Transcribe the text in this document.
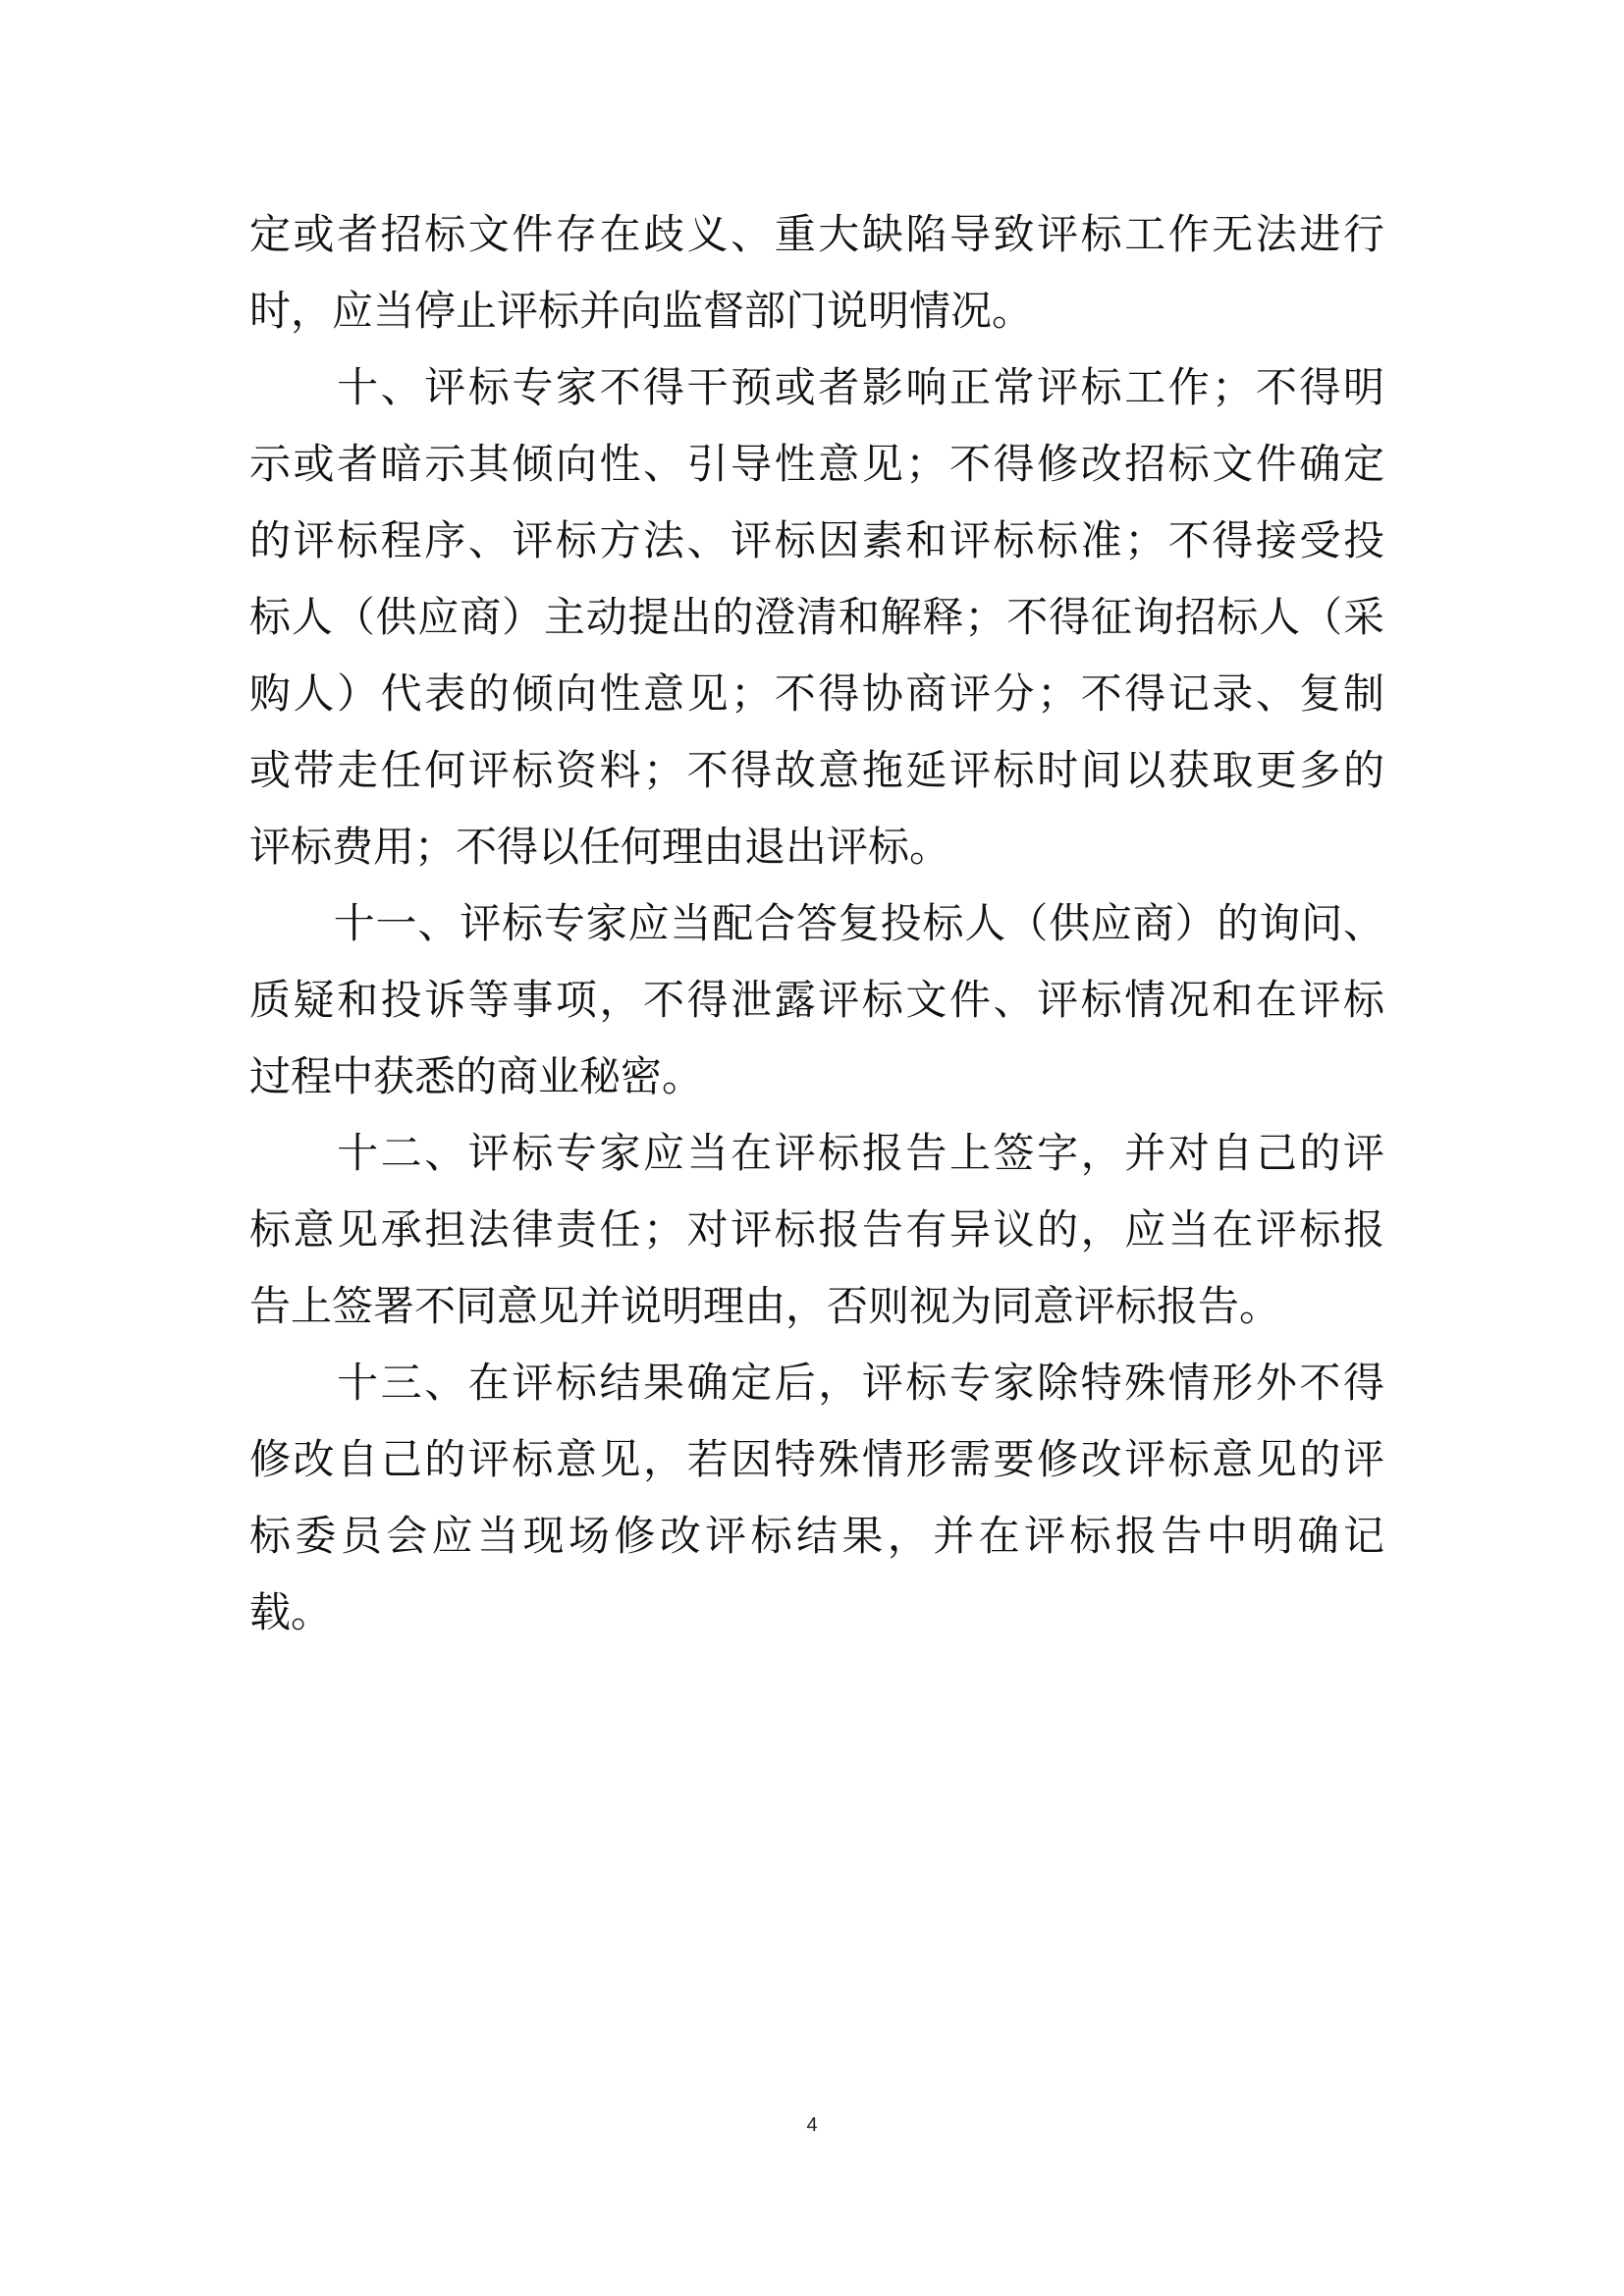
定或者招标文件存在歧义、重大缺陷导致评标工作无法进行
时，应当停止评标并向监督部门说明情况。
　　十、评标专家不得干预或者影响正常评标工作；不得明
示或者暗示其倾向性、引导性意见；不得修改招标文件确定
的评标程序、评标方法、评标因素和评标标准；不得接受投
标人（供应商）主动提出的澄清和解释；不得征询招标人（采
购人）代表的倾向性意见；不得协商评分；不得记录、复制
或带走任何评标资料；不得故意拖延评标时间以获取更多的
评标费用；不得以任何理由退出评标。
　　十一、评标专家应当配合答复投标人（供应商）的询问、
质疑和投诉等事项，不得泄露评标文件、评标情况和在评标
过程中获悉的商业秘密。
　　十二、评标专家应当在评标报告上签字，并对自己的评
标意见承担法律责任；对评标报告有异议的，应当在评标报
告上签署不同意见并说明理由，否则视为同意评标报告。
　　十三、在评标结果确定后，评标专家除特殊情形外不得
修改自己的评标意见，若因特殊情形需要修改评标意见的评
标委员会应当现场修改评标结果，并在评标报告中明确记
载。
4
